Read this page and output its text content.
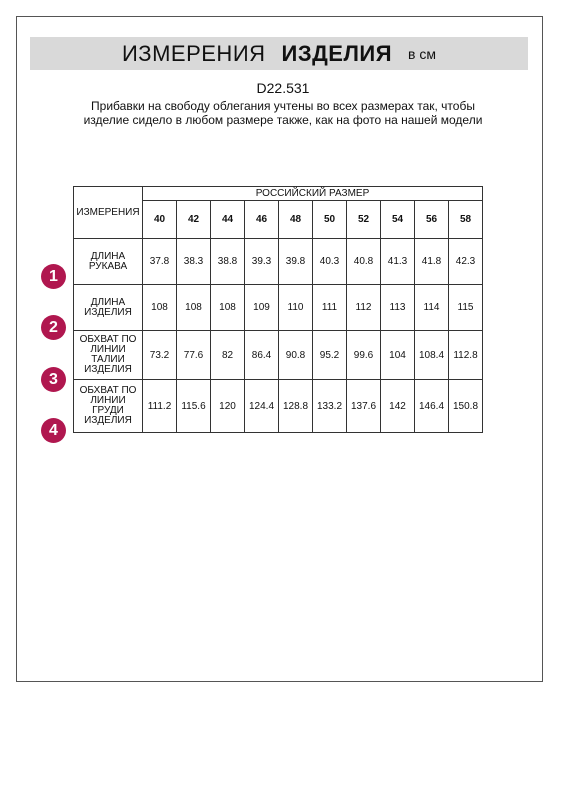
ИЗМЕРЕНИЯ ИЗДЕЛИЯ в см
D22.531
Прибавки на свободу облегания учтены во всех размерах так, чтобы изделие сидело в любом размере также, как на фото на нашей модели
ИЗМЕРЕНИЯ	РОССИЙСКИЙ РАЗМЕР									
	40	42	44	46	48	50	52	54	56	58
ДЛИНА РУКАВА	37.8	38.3	38.8	39.3	39.8	40.3	40.8	41.3	41.8	42.3
ДЛИНА ИЗДЕЛИЯ	108	108	108	109	110	111	112	113	114	115
ОБХВАТ ПО ЛИНИИ ТАЛИИ ИЗДЕЛИЯ	73.2	77.6	82	86.4	90.8	95.2	99.6	104	108.4	112.8
ОБХВАТ ПО ЛИНИИ ГРУДИ ИЗДЕЛИЯ	111.2	115.6	120	124.4	128.8	133.2	137.6	142	146.4	150.8
1
2
3
4
